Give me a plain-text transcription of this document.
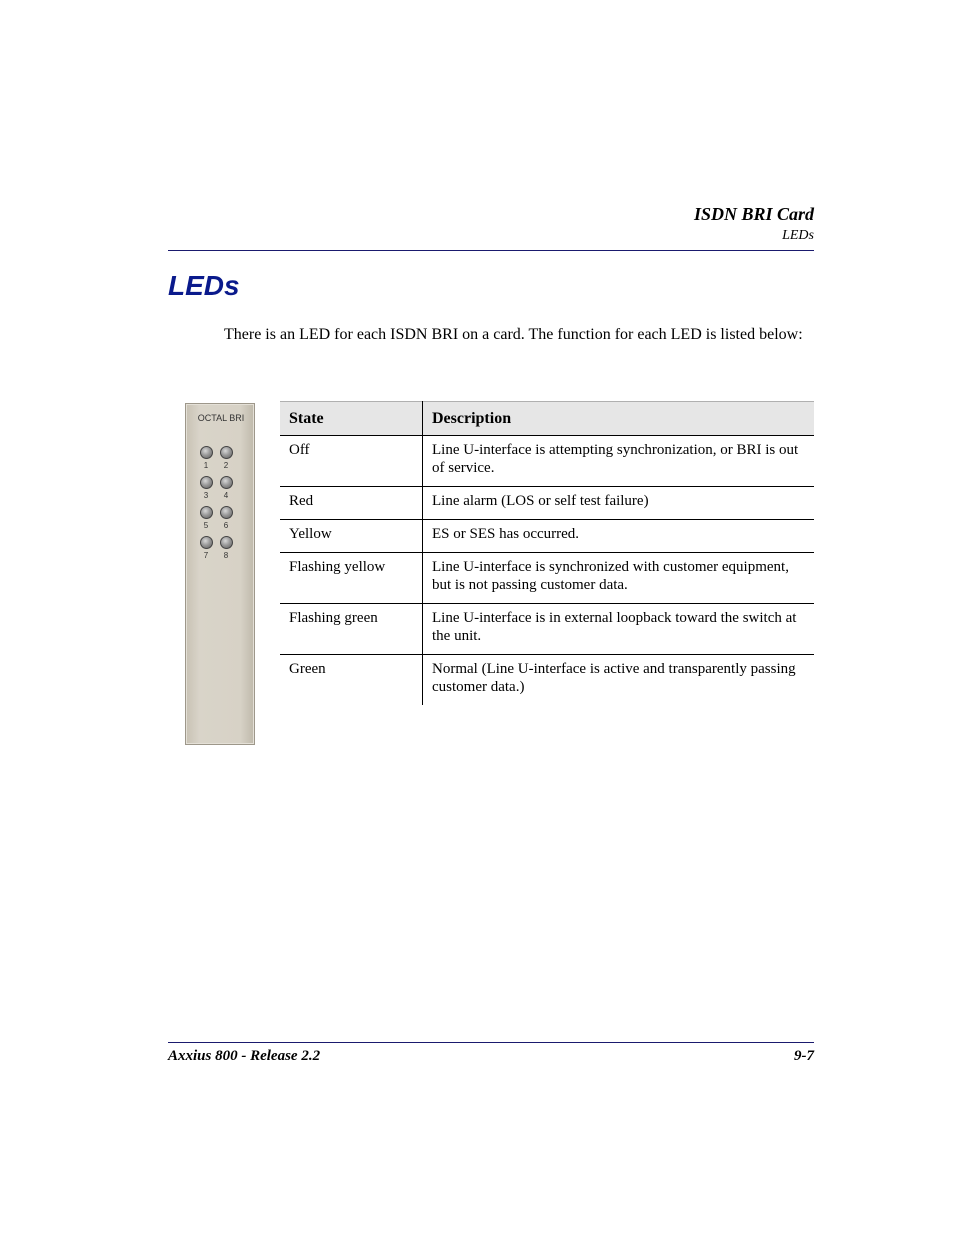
ISDN BRI Card
LEDs
LEDs

There is an LED for each ISDN BRI on a card. The function for each LED is listed below:

OCTAL BRI
1	2
3	4
5	6
7	8
State	Description
Off	Line U-interface is attempting synchronization, or BRI is out of service.
Red	Line alarm (LOS or self test failure)
Yellow	ES or SES has occurred.
Flashing yellow	Line U-interface is synchronized with customer equipment, but is not passing customer data.
Flashing green	Line U-interface is in external loopback toward the switch at the unit.
Green	Normal (Line U-interface is active and transparently passing customer data.)
Axxius 800 - Release 2.2	9-7
